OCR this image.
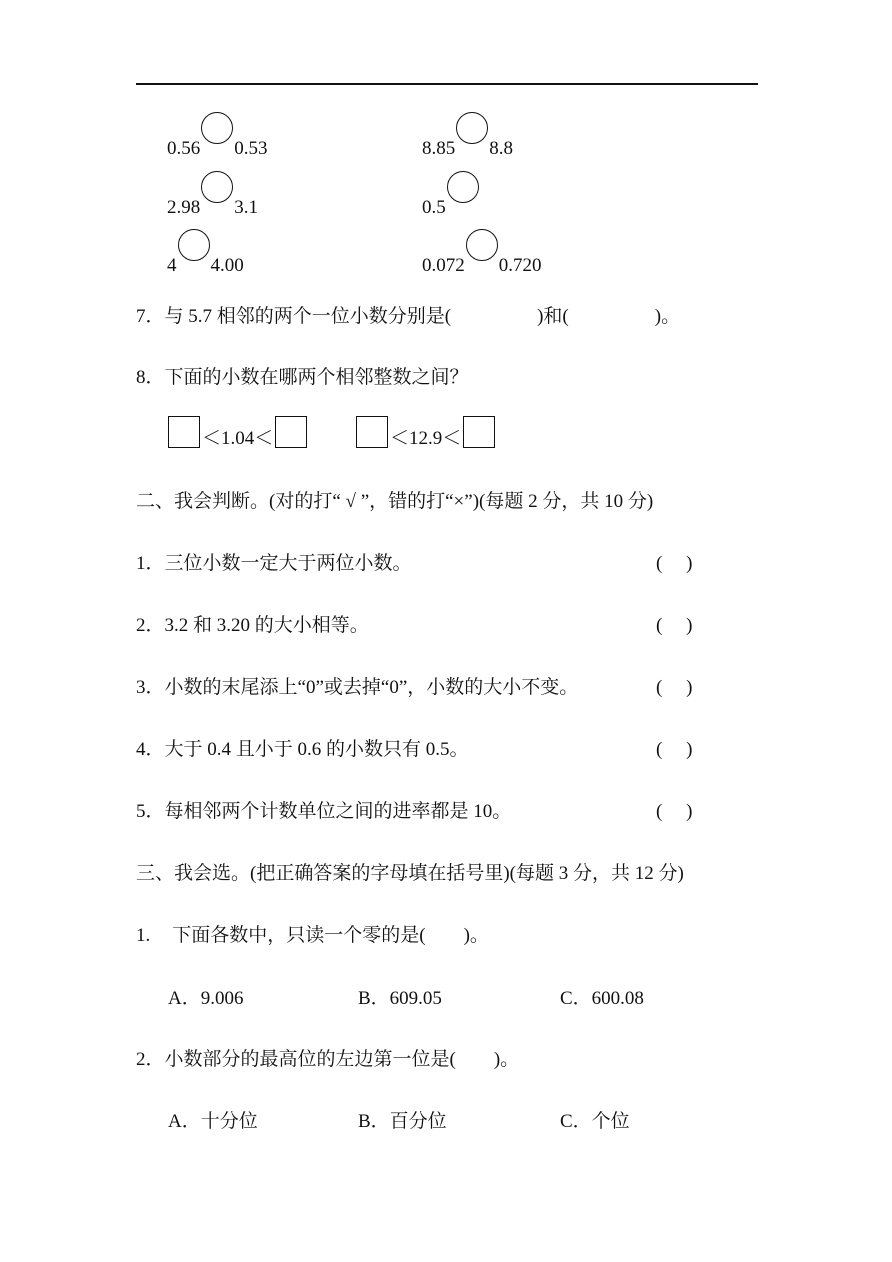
0.56 0.53	8.85 8.8
2.98 3.1	0.5
4 4.00	0.072 0.720
7．与 5.7 相邻的两个一位小数分别是(	)和(	)。
8．下面的小数在哪两个相邻整数之间？
＜1.04＜	＜12.9＜
二、我会判断。(对的打“ √ ”，错的打“×”)(每题 2 分，共 10 分)
1．三位小数一定大于两位小数。	(　 )
2．3.2 和 3.20 的大小相等。	(　 )
3．小数的末尾添上“0”或去掉“0”，小数的大小不变。	(　 )
4．大于 0.4 且小于 0.6 的小数只有 0.5。	(　 )
5．每相邻两个计数单位之间的进率都是 10。	(　 )
三、我会选。(把正确答案的字母填在括号里)(每题 3 分，共 12 分)
1. 下面各数中，只读一个零的是(　　)。
A．9.006	B．609.05	C．600.08
2．小数部分的最高位的左边第一位是(　　)。
A．十分位	B．百分位	C．个位
